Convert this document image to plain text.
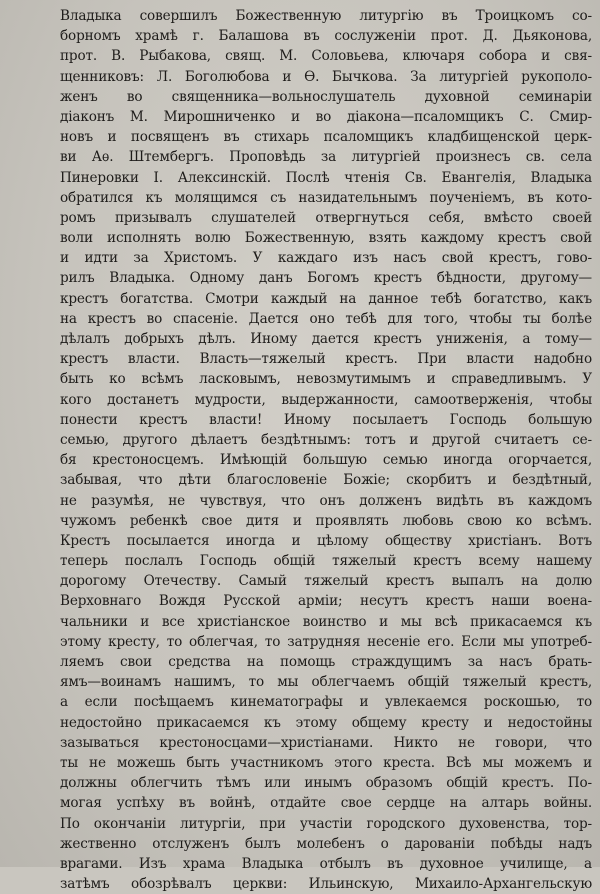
Владыка совершилъ Божественную литургію въ Троицкомъ со-
борномъ храмѣ г. Балашова въ сослуженіи прот. Д. Дьяконова,
прот. В. Рыбакова, свящ. М. Соловьева, ключаря собора и свя-
щенниковъ: Л. Боголюбова и Ѳ. Бычкова. За литургіей рукополо-
женъ во священника—вольнослушатель духовной семинаріи
діаконъ М. Мирошниченко и во діакона—псаломщикъ С. Смир-
новъ и посвященъ въ стихарь псаломщикъ кладбищенской церк-
ви Аѳ. Штембергъ. Проповѣдь за литургіей произнесъ св. села
Пинеровки I. Алексинскій. Послѣ чтенія Св. Евангелія, Владыка
обратился къ молящимся съ назидательнымъ поученіемъ, въ кото-
ромъ призывалъ слушателей отвергнуться себя, вмѣсто своей
воли исполнять волю Божественную, взять каждому крестъ свой
и идти за Христомъ. У каждаго изъ насъ свой крестъ, гово-
рилъ Владыка. Одному данъ Богомъ крестъ бѣдности, другому—
крестъ богатства. Смотри каждый на данное тебѣ богатство, какъ
на крестъ во спасеніе. Дается оно тебѣ для того, чтобы ты болѣе
дѣлалъ добрыхъ дѣлъ. Иному дается крестъ униженія, а тому—
крестъ власти. Власть—тяжелый крестъ. При власти надобно
быть ко всѣмъ ласковымъ, невозмутимымъ и справедливымъ. У
кого достанетъ мудрости, выдержанности, самоотверженія, чтобы
понести крестъ власти! Иному посылаетъ Господь большую
семью, другого дѣлаетъ бездѣтнымъ: тотъ и другой считаетъ се-
бя крестоносцемъ. Имѣющій большую семью иногда огорчается,
забывая, что дѣти благословеніе Божіе; скорбитъ и бездѣтный,
не разумѣя, не чувствуя, что онъ долженъ видѣть въ каждомъ
чужомъ ребенкѣ свое дитя и проявлять любовь свою ко всѣмъ.
Крестъ посылается иногда и цѣлому обществу христіанъ. Вотъ
теперь послалъ Господь общій тяжелый крестъ всему нашему
дорогому Отечеству. Самый тяжелый крестъ выпалъ на долю
Верховнаго Вождя Русской арміи; несутъ крестъ наши военa-
чальники и все христіанское воинство и мы всѣ прикасаемся къ
этому кресту, то облегчая, то затрудняя несеніе его. Если мы употреб-
ляемъ свои средства на помощь страждущимъ за насъ брать-
ямъ—воинамъ нашимъ, то мы облегчаемъ общій тяжелый крестъ,
а если посѣщаемъ кинематографы и увлекаемся роскошью, то
недостойно прикасаемся къ этому общему кресту и недостойны
зазываться крестоносцами—христіанами. Никто не говори, что
ты не можешь быть участникомъ этого креста. Всѣ мы можемъ и
должны облегчить тѣмъ или инымъ образомъ общій крестъ. По-
могая успѣху въ войнѣ, отдайте свое сердце на алтарь войны.
По окончаніи литургіи, при участіи городского духовенства, тор-
жественно отслуженъ былъ молебенъ о дарованіи побѣды надъ
врагами. Изъ храма Владыка отбылъ въ духовное училище, а
затѣмъ обозрѣвалъ церкви: Ильинскую, Михаило-Архангельскую
